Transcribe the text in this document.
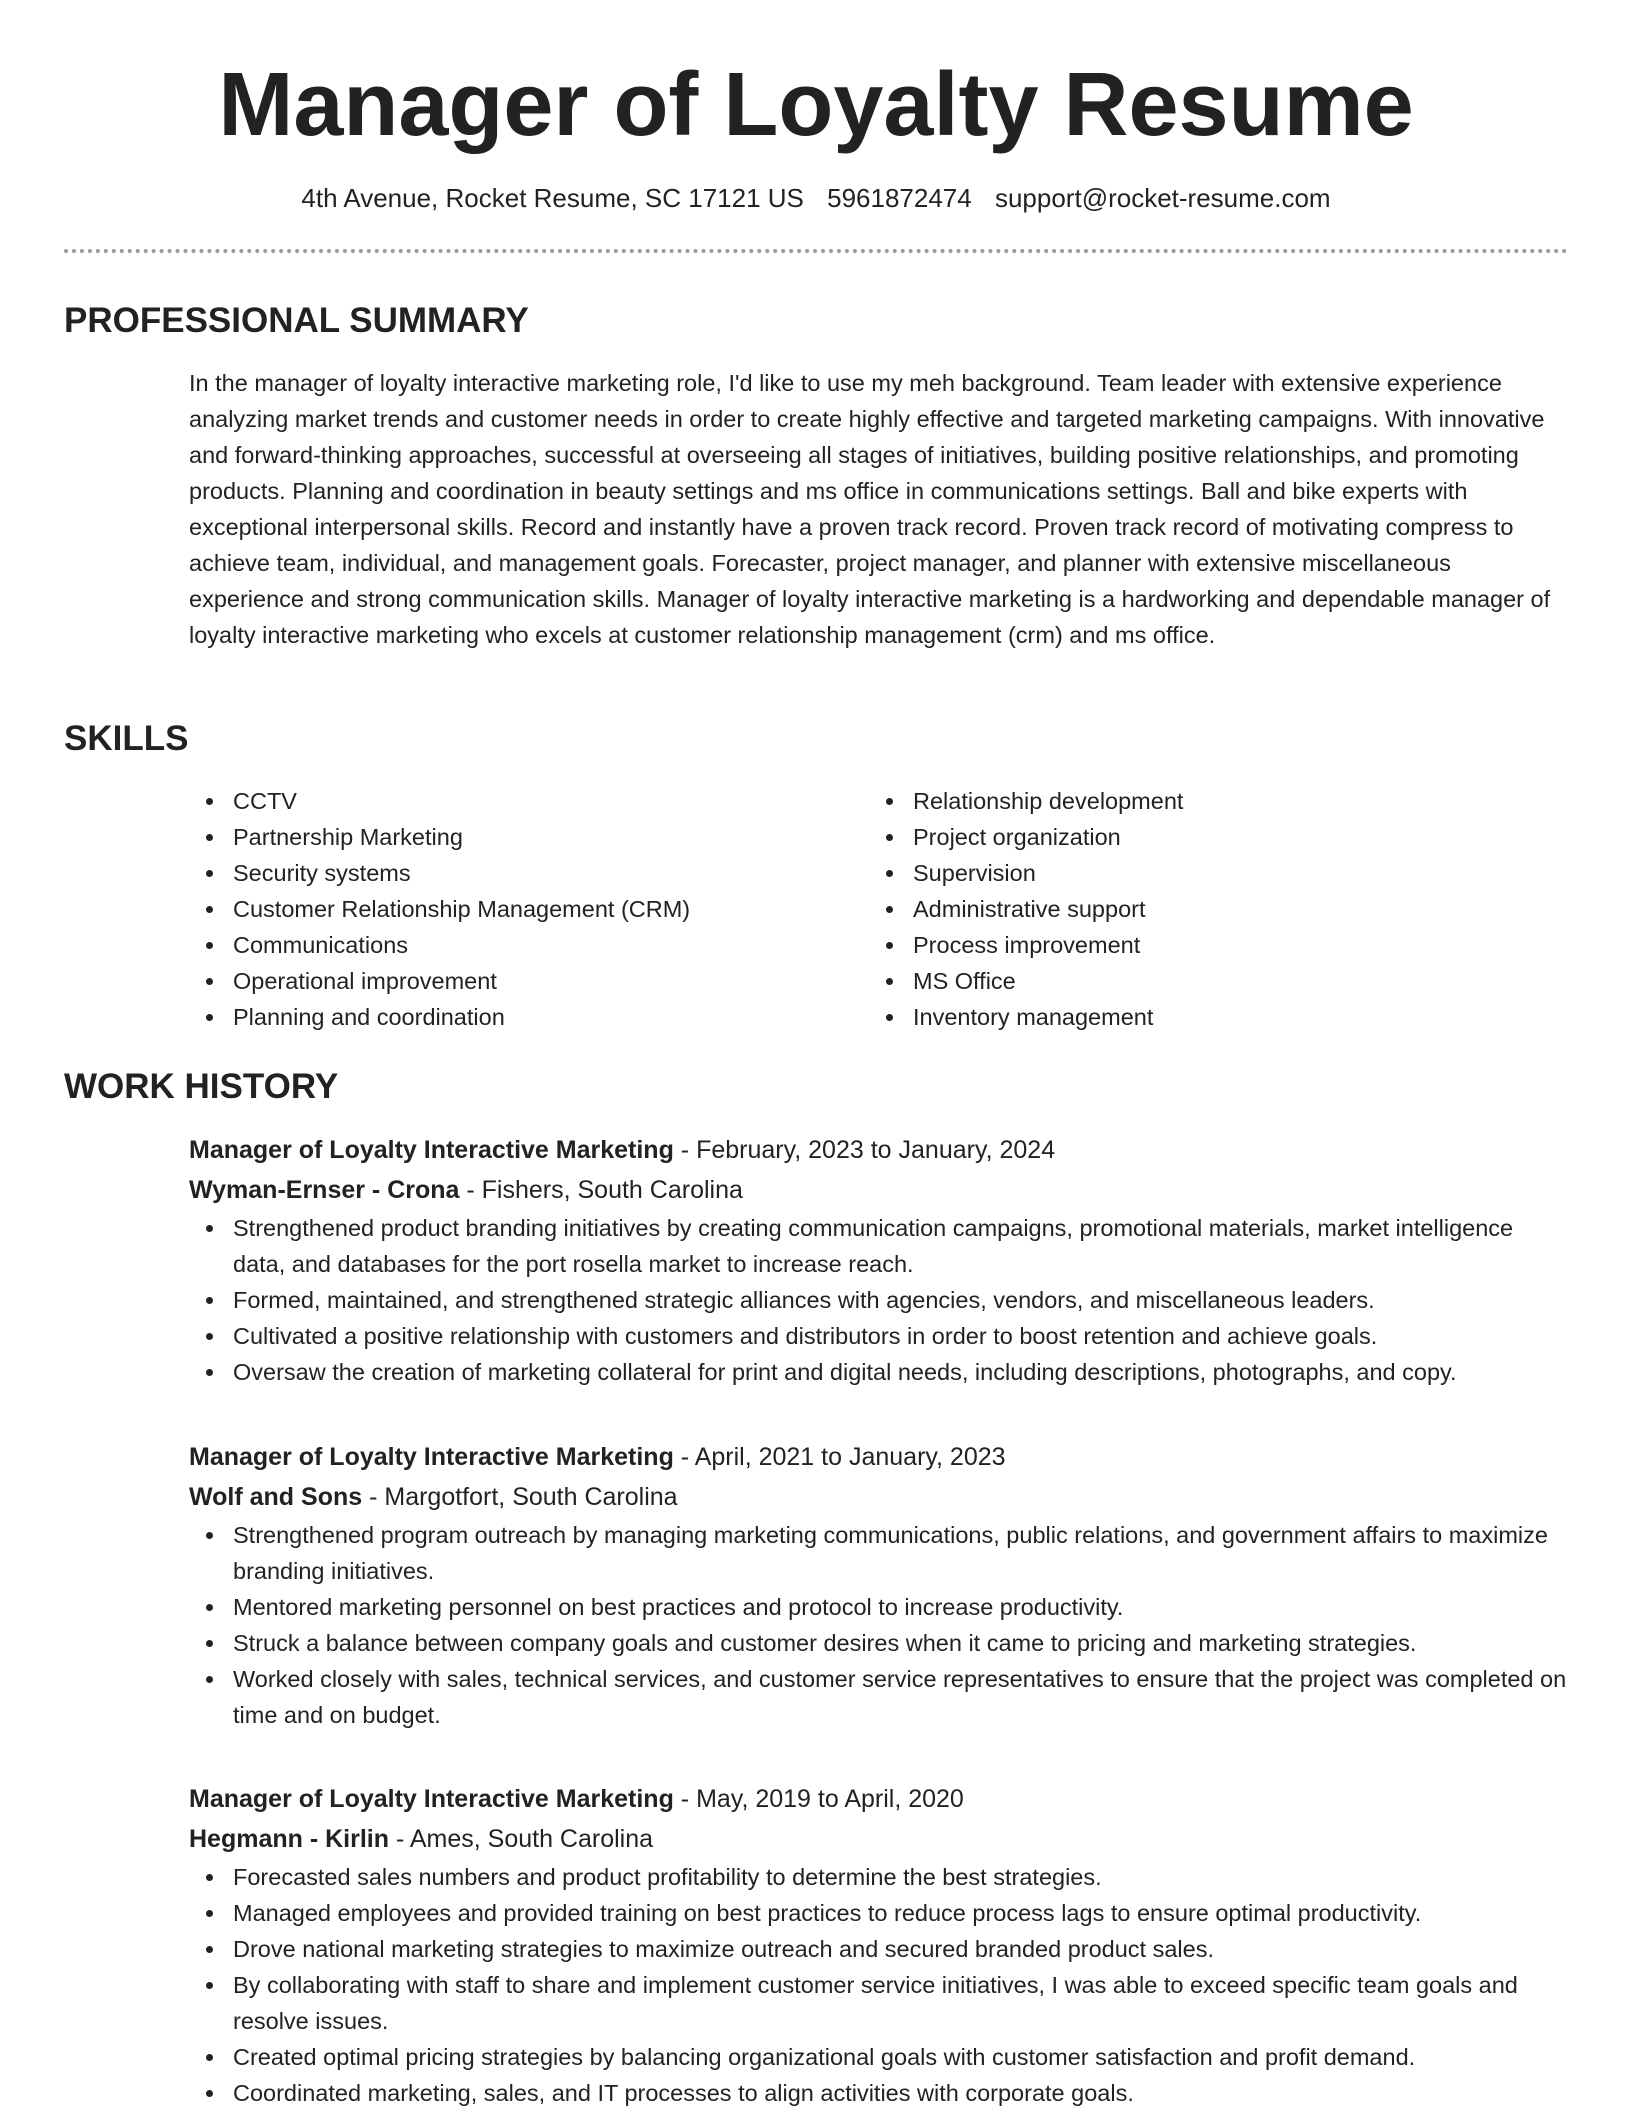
Manager of Loyalty Resume
4th Avenue, Rocket Resume, SC 17121 US 5961872474 support@rocket-resume.com
PROFESSIONAL SUMMARY

In the manager of loyalty interactive marketing role, I'd like to use my meh background. Team leader with extensive experience analyzing market trends and customer needs in order to create highly effective and targeted marketing campaigns. With innovative and forward-thinking approaches, successful at overseeing all stages of initiatives, building positive relationships, and promoting products. Planning and coordination in beauty settings and ms office in communications settings. Ball and bike experts with exceptional interpersonal skills. Record and instantly have a proven track record. Proven track record of motivating compress to achieve team, individual, and management goals. Forecaster, project manager, and planner with extensive miscellaneous experience and strong communication skills. Manager of loyalty interactive marketing is a hardworking and dependable manager of loyalty interactive marketing who excels at customer relationship management (crm) and ms office.

SKILLS
CCTV
Partnership Marketing
Security systems
Customer Relationship Management (CRM)
Communications
Operational improvement
Planning and coordination
Relationship development
Project organization
Supervision
Administrative support
Process improvement
MS Office
Inventory management
WORK HISTORY
Manager of Loyalty Interactive Marketing - February, 2023 to January, 2024
Wyman-Ernser - Crona - Fishers, South Carolina
Strengthened product branding initiatives by creating communication campaigns, promotional materials, market intelligence data, and databases for the port rosella market to increase reach.
Formed, maintained, and strengthened strategic alliances with agencies, vendors, and miscellaneous leaders.
Cultivated a positive relationship with customers and distributors in order to boost retention and achieve goals.
Oversaw the creation of marketing collateral for print and digital needs, including descriptions, photographs, and copy.
Manager of Loyalty Interactive Marketing - April, 2021 to January, 2023
Wolf and Sons - Margotfort, South Carolina
Strengthened program outreach by managing marketing communications, public relations, and government affairs to maximize branding initiatives.
Mentored marketing personnel on best practices and protocol to increase productivity.
Struck a balance between company goals and customer desires when it came to pricing and marketing strategies.
Worked closely with sales, technical services, and customer service representatives to ensure that the project was completed on time and on budget.
Manager of Loyalty Interactive Marketing - May, 2019 to April, 2020
Hegmann - Kirlin - Ames, South Carolina
Forecasted sales numbers and product profitability to determine the best strategies.
Managed employees and provided training on best practices to reduce process lags to ensure optimal productivity.
Drove national marketing strategies to maximize outreach and secured branded product sales.
By collaborating with staff to share and implement customer service initiatives, I was able to exceed specific team goals and resolve issues.
Created optimal pricing strategies by balancing organizational goals with customer satisfaction and profit demand.
Coordinated marketing, sales, and IT processes to align activities with corporate goals.
